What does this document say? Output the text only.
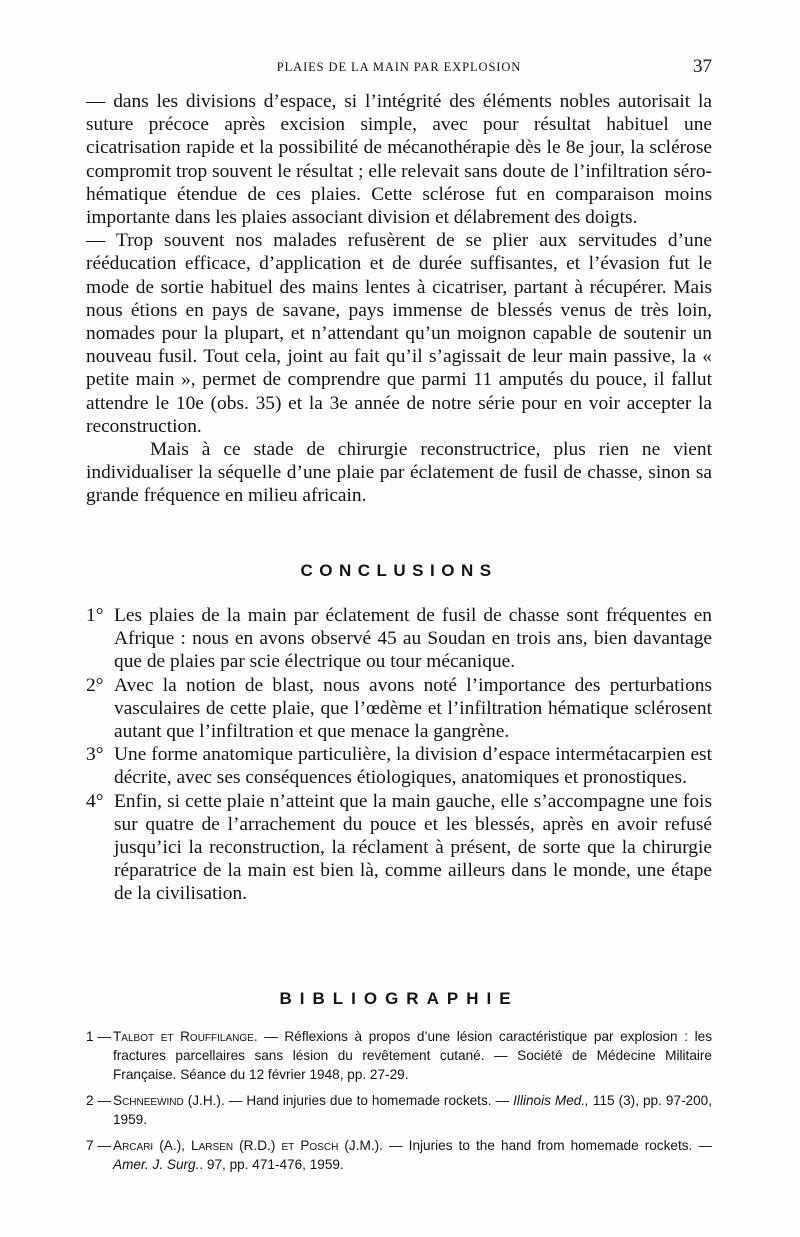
PLAIES DE LA MAIN PAR EXPLOSION	37

— dans les divisions d’espace, si l’intégrité des éléments nobles autorisait la suture précoce après excision simple, avec pour résultat habituel une cicatrisation rapide et la possibilité de mécanothérapie dès le 8e jour, la sclérose compromit trop souvent le résultat ; elle relevait sans doute de l’infiltration séro-hématique étendue de ces plaies. Cette sclérose fut en comparaison moins importante dans les plaies associant division et délabrement des doigts.

— Trop souvent nos malades refusèrent de se plier aux servitudes d’une rééducation efficace, d’application et de durée suffisantes, et l’évasion fut le mode de sortie habituel des mains lentes à cicatriser, partant à récupérer. Mais nous étions en pays de savane, pays immense de blessés venus de très loin, nomades pour la plupart, et n’attendant qu’un moignon capable de soutenir un nouveau fusil. Tout cela, joint au fait qu’il s’agissait de leur main passive, la « petite main », permet de comprendre que parmi 11 amputés du pouce, il fallut attendre le 10e (obs. 35) et la 3e année de notre série pour en voir accepter la reconstruction.

Mais à ce stade de chirurgie reconstructrice, plus rien ne vient individualiser la séquelle d’une plaie par éclatement de fusil de chasse, sinon sa grande fréquence en milieu africain.

CONCLUSIONS

1° Les plaies de la main par éclatement de fusil de chasse sont fréquentes en Afrique : nous en avons observé 45 au Soudan en trois ans, bien davantage que de plaies par scie électrique ou tour mécanique.

2° Avec la notion de blast, nous avons noté l’importance des perturbations vasculaires de cette plaie, que l’œdème et l’infiltration hématique sclérosent autant que l’infiltration et que menace la gangrène.

3° Une forme anatomique particulière, la division d’espace intermétacarpien est décrite, avec ses conséquences étiologiques, anatomiques et pronostiques.

4° Enfin, si cette plaie n’atteint que la main gauche, elle s’accompagne une fois sur quatre de l’arrachement du pouce et les blessés, après en avoir refusé jusqu’ici la reconstruction, la réclament à présent, de sorte que la chirurgie réparatrice de la main est bien là, comme ailleurs dans le monde, une étape de la civilisation.

BIBLIOGRAPHIE

1 — Talbot et Rouffilange. — Réflexions à propos d’une lésion caractéristique par explosion : les fractures parcellaires sans lésion du revêtement cutané. — Société de Médecine Militaire Française. Séance du 12 février 1948, pp. 27-29.

2 — Schneewind (J.H.). — Hand injuries due to homemade rockets. — Illinois Med., 115 (3), pp. 97-200, 1959.

7 — Arcari (A.), Larsen (R.D.) et Posch (J.M.). — Injuries to the hand from homemade rockets. — Amer. J. Surg.. 97, pp. 471-476, 1959.
